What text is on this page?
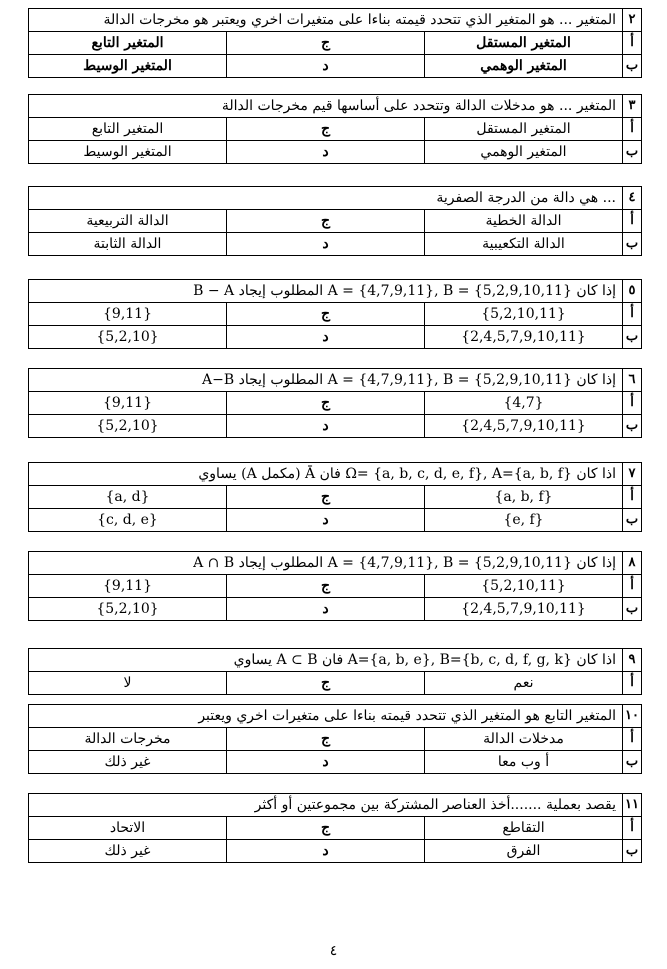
٢	المتغير ... هو المتغير الذي تتحدد قيمته بناءا على متغيرات اخري ويعتبر هو مخرجات الدالة		
أ	المتغير المستقل	ج	المتغير التابع
ب	المتغير الوهمي	د	المتغير الوسيط
٣	المتغير ... هو مدخلات الدالة وتتحدد على أساسها قيم مخرجات الدالة		
أ	المتغير المستقل	ج	المتغير التابع
ب	المتغير الوهمي	د	المتغير الوسيط
٤	... هي دالة من الدرجة الصفرية		
أ	الدالة الخطية	ج	الدالة التربيعية
ب	الدالة التكعيبية	د	الدالة الثابتة
٥	إذا كان A = {4,7,9,11}, B = {5,2,9,10,11} المطلوب إيجاد B − A		
أ	{5,2,10,11}	ج	{9,11}
ب	{2,4,5,7,9,10,11}	د	{5,2,10}
٦	إذا كان A = {4,7,9,11}, B = {5,2,9,10,11} المطلوب إيجاد A−B		
أ	{4,7}	ج	{9,11}
ب	{2,4,5,7,9,10,11}	د	{5,2,10}
٧	اذا كان Ω= {a, b, c, d, e, f}, A={a, b, f} فان Ā (مكمل A) يساوي		
أ	{a, b, f}	ج	{a, d}
ب	{e, f}	د	{c, d, e}
٨	إذا كان A = {4,7,9,11}, B = {5,2,9,10,11} المطلوب إيجاد A ∩ B		
أ	{5,2,10,11}	ج	{9,11}
ب	{2,4,5,7,9,10,11}	د	{5,2,10}
٩	اذا كان A={a, b, e}, B={b, c, d, f, g, k} فان A ⊂ B يساوي		
أ	نعم	ج	لا
١٠	المتغير التابع هو المتغير الذي تتحدد قيمته بناءا على متغيرات اخري ويعتبر		
أ	مدخلات الدالة	ج	مخرجات الدالة
ب	أ وب معا	د	غير ذلك
١١	يقصد بعملية .......أخذ العناصر المشتركة بين مجموعتين أو أكثر		
أ	التقاطع	ج	الاتحاد
ب	الفرق	د	غير ذلك
٤
